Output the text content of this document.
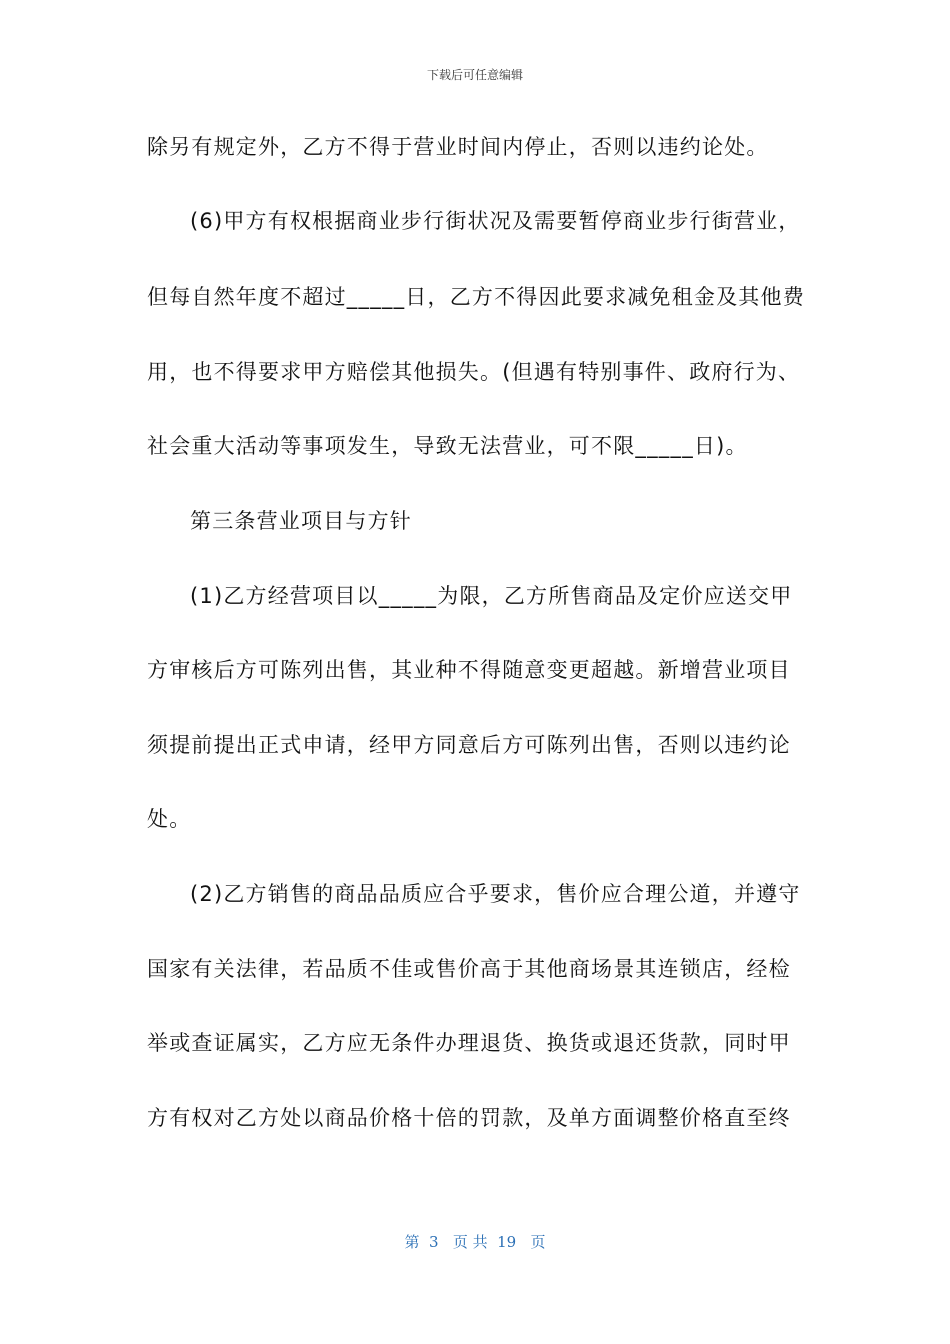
下载后可任意编辑
除另有规定外，乙方不得于营业时间内停止，否则以违约论处。
(6)甲方有权根据商业步行街状况及需要暂停商业步行街营业，
但每自然年度不超过_____日，乙方不得因此要求减免租金及其他费
用，也不得要求甲方赔偿其他损失。(但遇有特别事件、政府行为、
社会重大活动等事项发生，导致无法营业，可不限_____日)。
第三条营业项目与方针
(1)乙方经营项目以_____为限，乙方所售商品及定价应送交甲
方审核后方可陈列出售，其业种不得随意变更超越。新增营业项目
须提前提出正式申请，经甲方同意后方可陈列出售，否则以违约论
处。
(2)乙方销售的商品品质应合乎要求，售价应合理公道，并遵守
国家有关法律，若品质不佳或售价高于其他商场景其连锁店，经检
举或查证属实，乙方应无条件办理退货、换货或退还货款，同时甲
方有权对乙方处以商品价格十倍的罚款，及单方面调整价格直至终
第  3   页 共  19   页
